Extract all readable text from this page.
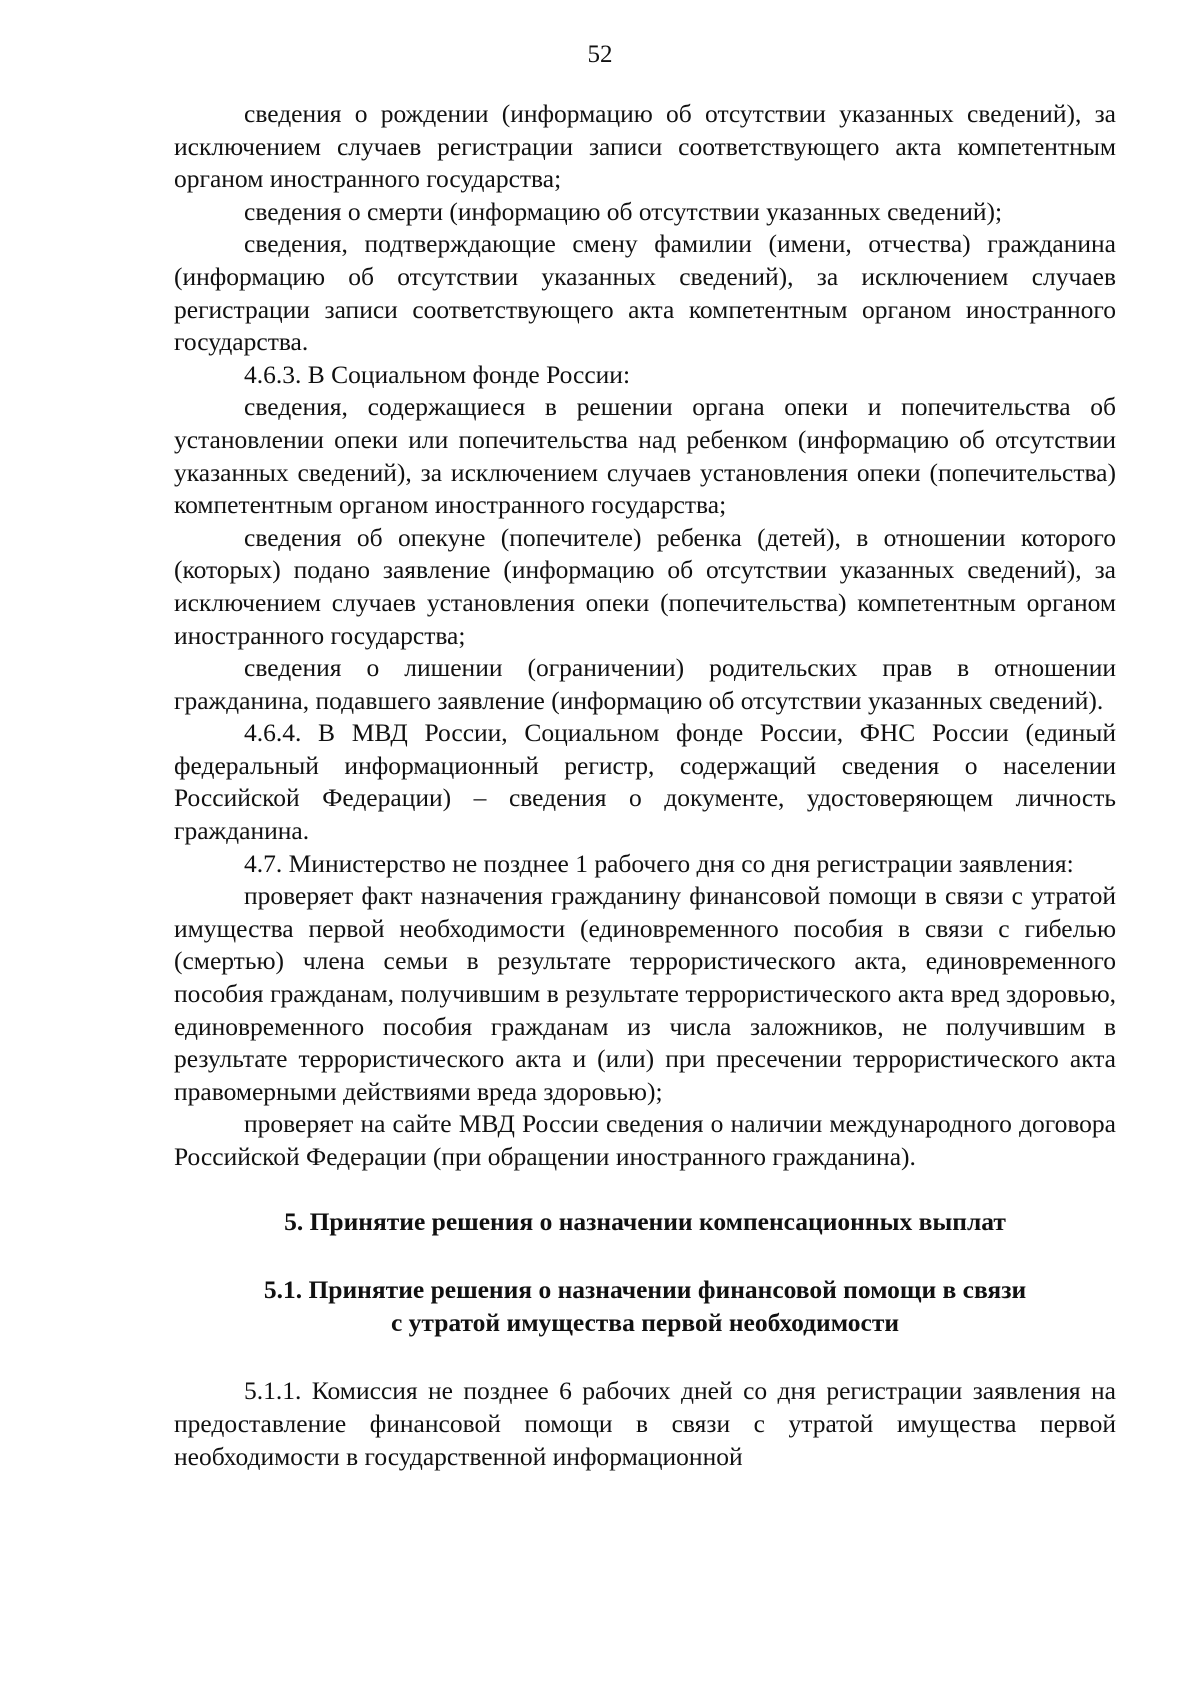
52

сведения о рождении (информацию об отсутствии указанных сведений), за исключением случаев регистрации записи соответствующего акта компетентным органом иностранного государства;

сведения о смерти (информацию об отсутствии указанных сведений);

сведения, подтверждающие смену фамилии (имени, отчества) гражданина (информацию об отсутствии указанных сведений), за исключением случаев регистрации записи соответствующего акта компетентным органом иностранного государства.

4.6.3. В Социальном фонде России:

сведения, содержащиеся в решении органа опеки и попечительства об установлении опеки или попечительства над ребенком (информацию об отсутствии указанных сведений), за исключением случаев установления опеки (попечительства) компетентным органом иностранного государства;

сведения об опекуне (попечителе) ребенка (детей), в отношении которого (которых) подано заявление (информацию об отсутствии указанных сведений), за исключением случаев установления опеки (попечительства) компетентным органом иностранного государства;

сведения о лишении (ограничении) родительских прав в отношении гражданина, подавшего заявление (информацию об отсутствии указанных сведений).

4.6.4. В МВД России, Социальном фонде России, ФНС России (единый федеральный информационный регистр, содержащий сведения о населении Российской Федерации) – сведения о документе, удостоверяющем личность гражданина.

4.7. Министерство не позднее 1 рабочего дня со дня регистрации заявления:

проверяет факт назначения гражданину финансовой помощи в связи с утратой имущества первой необходимости (единовременного пособия в связи с гибелью (смертью) члена семьи в результате террористического акта, единовременного пособия гражданам, получившим в результате террористического акта вред здоровью, единовременного пособия гражданам из числа заложников, не получившим в результате террористического акта и (или) при пресечении террористического акта правомерными действиями вреда здоровью);

проверяет на сайте МВД России сведения о наличии международного договора Российской Федерации (при обращении иностранного гражданина).

5. Принятие решения о назначении компенсационных выплат

5.1. Принятие решения о назначении финансовой помощи в связи
с утратой имущества первой необходимости

5.1.1. Комиссия не позднее 6 рабочих дней со дня регистрации заявления на предоставление финансовой помощи в связи с утратой имущества первой необходимости в государственной информационной
